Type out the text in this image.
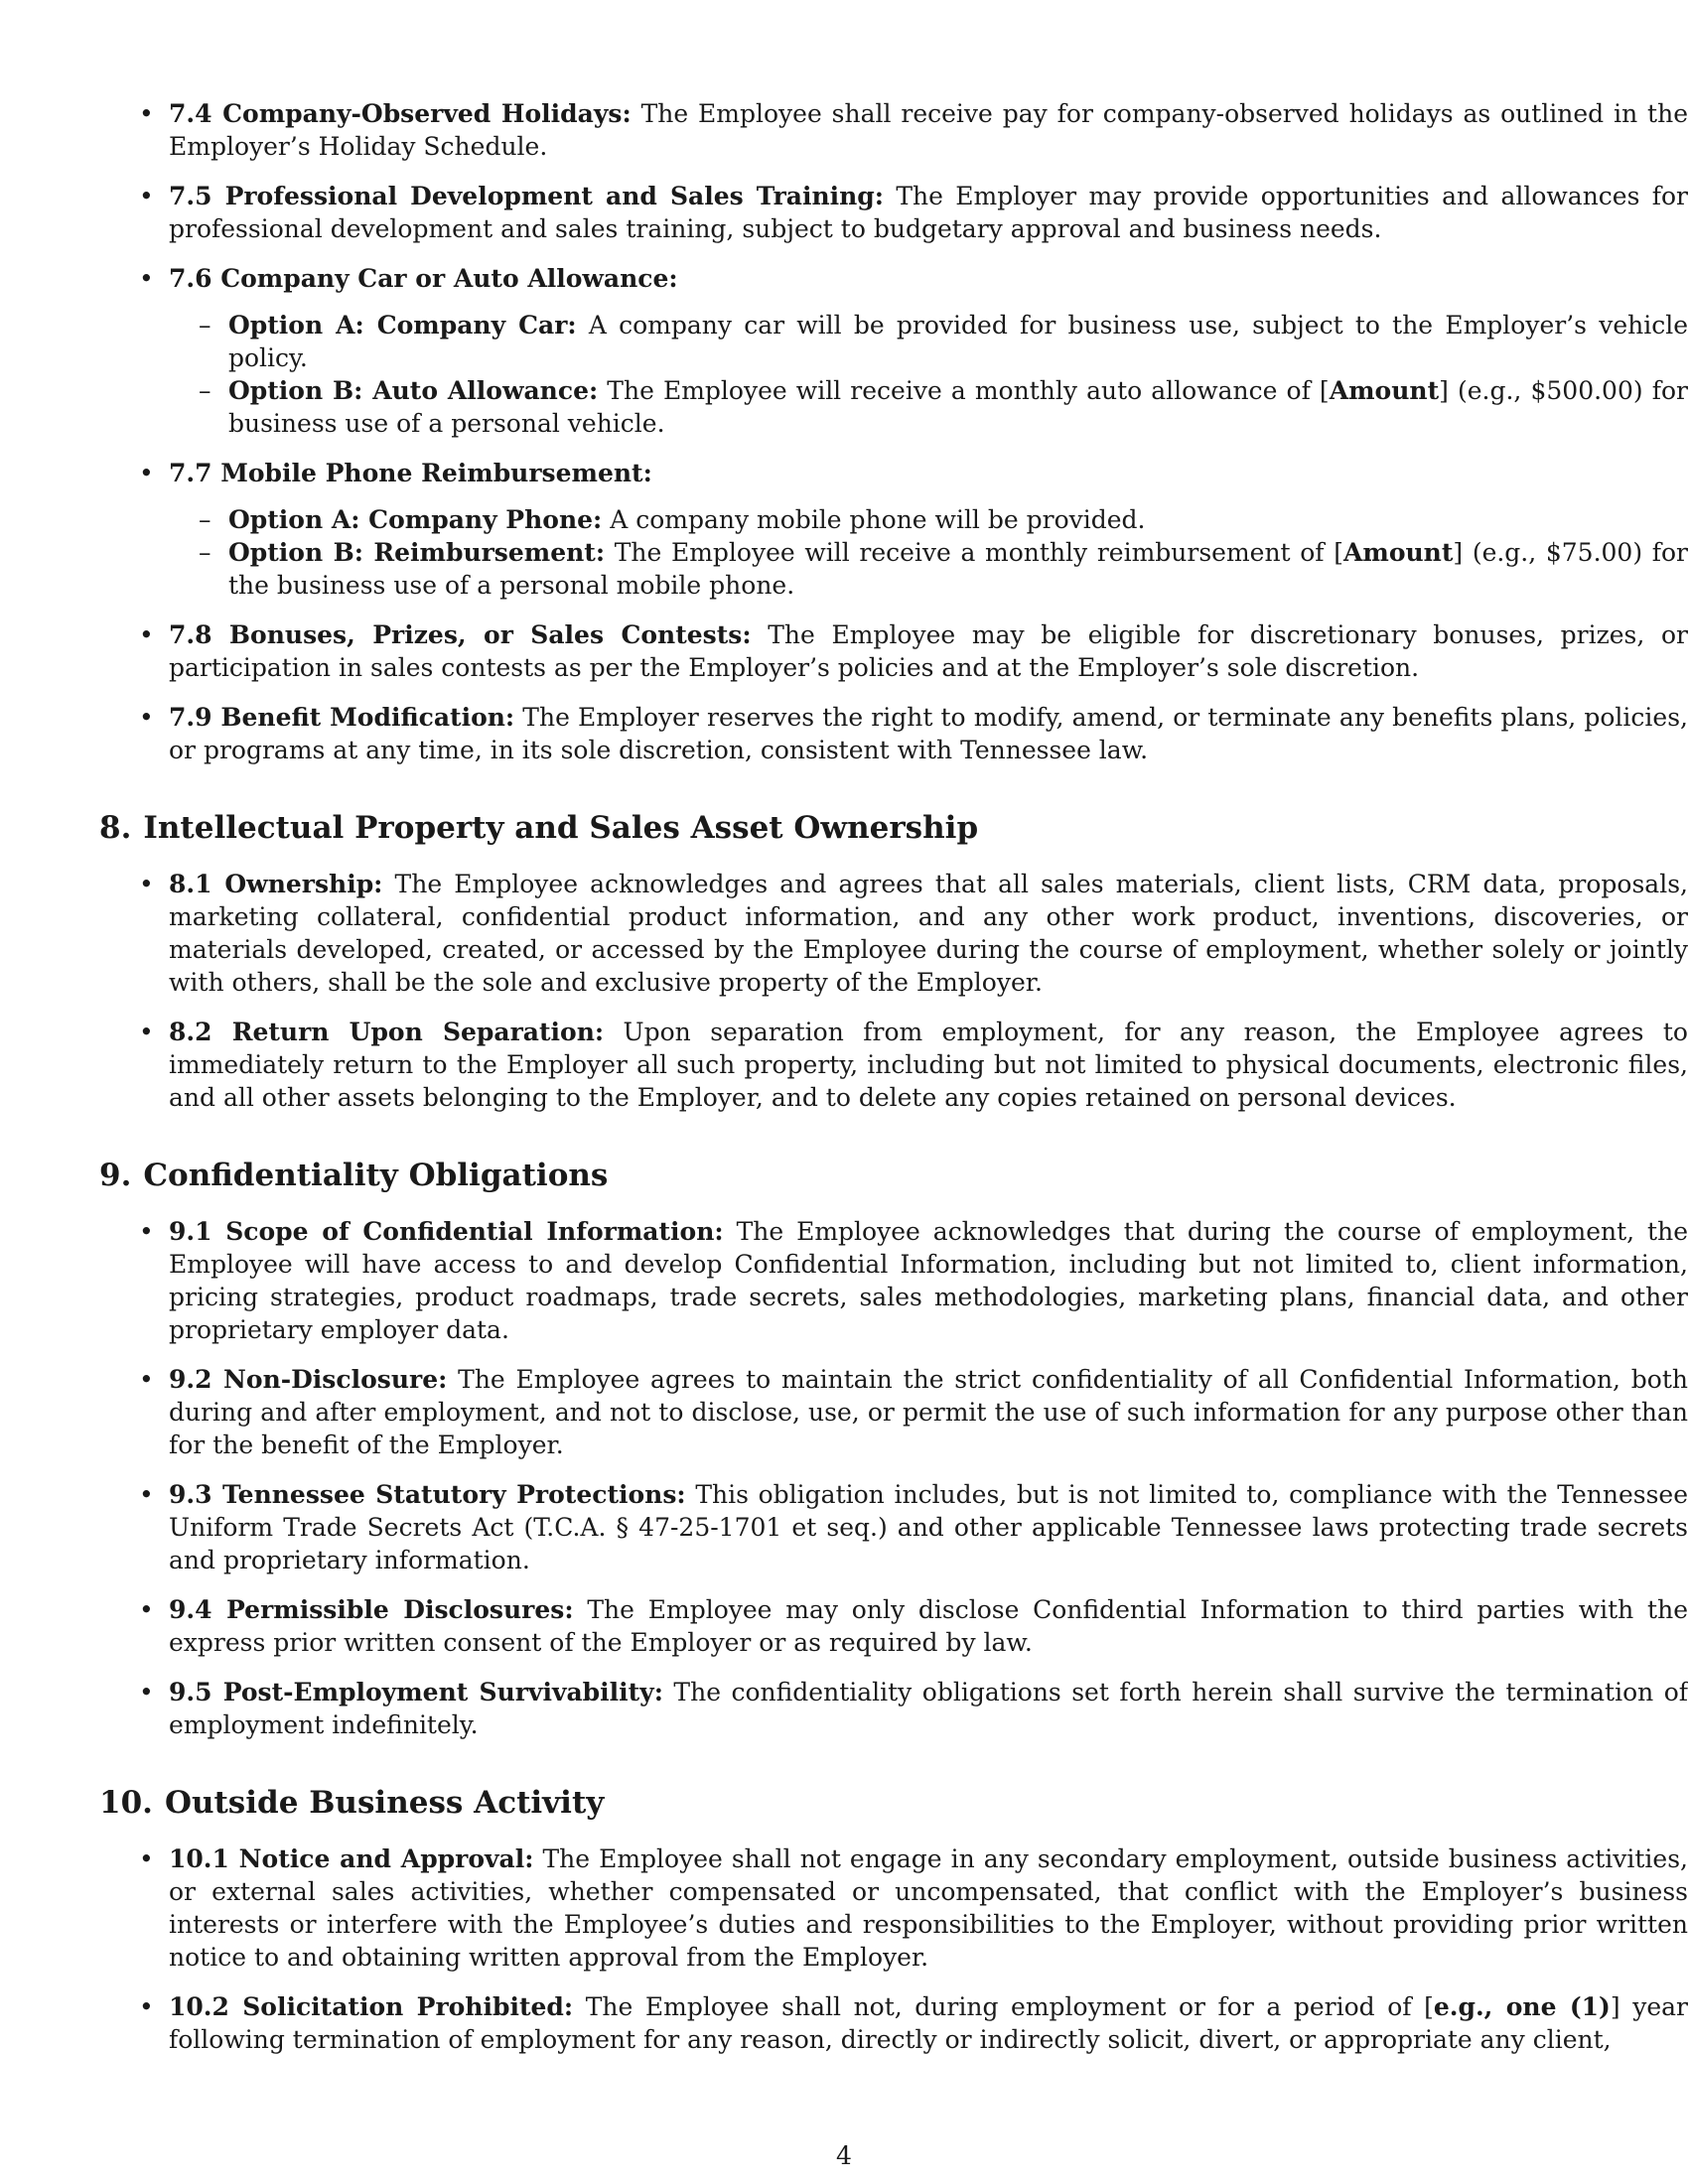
• 7.4 Company-Observed Holidays: The Employee shall receive pay for company-observed holidays as outlined in the Employer’s Holiday Schedule.
• 7.5 Professional Development and Sales Training: The Employer may provide opportunities and allowances for professional development and sales training, subject to budgetary approval and business needs.
• 7.6 Company Car or Auto Allowance:
– Option A: Company Car: A company car will be provided for business use, subject to the Employer’s vehicle policy.
– Option B: Auto Allowance: The Employee will receive a monthly auto allowance of [Amount] (e.g., $500.00) for business use of a personal vehicle.
• 7.7 Mobile Phone Reimbursement:
– Option A: Company Phone: A company mobile phone will be provided.
– Option B: Reimbursement: The Employee will receive a monthly reimbursement of [Amount] (e.g., $75.00) for the business use of a personal mobile phone.
• 7.8 Bonuses, Prizes, or Sales Contests: The Employee may be eligible for discretionary bonuses, prizes, or participation in sales contests as per the Employer’s policies and at the Employer’s sole discretion.
• 7.9 Benefit Modification: The Employer reserves the right to modify, amend, or terminate any benefits plans, policies, or programs at any time, in its sole discretion, consistent with Tennessee law.
8. Intellectual Property and Sales Asset Ownership
• 8.1 Ownership: The Employee acknowledges and agrees that all sales materials, client lists, CRM data, proposals, marketing collateral, confidential product information, and any other work product, inventions, discoveries, or materials developed, created, or accessed by the Employee during the course of employment, whether solely or jointly with others, shall be the sole and exclusive property of the Employer.
• 8.2 Return Upon Separation: Upon separation from employment, for any reason, the Employee agrees to immediately return to the Employer all such property, including but not limited to physical documents, electronic files, and all other assets belonging to the Employer, and to delete any copies retained on personal devices.
9. Confidentiality Obligations
• 9.1 Scope of Confidential Information: The Employee acknowledges that during the course of employment, the Employee will have access to and develop Confidential Information, including but not limited to, client information, pricing strategies, product roadmaps, trade secrets, sales methodologies, marketing plans, financial data, and other proprietary employer data.
• 9.2 Non-Disclosure: The Employee agrees to maintain the strict confidentiality of all Confidential Information, both during and after employment, and not to disclose, use, or permit the use of such information for any purpose other than for the benefit of the Employer.
• 9.3 Tennessee Statutory Protections: This obligation includes, but is not limited to, compliance with the Tennessee Uniform Trade Secrets Act (T.C.A. § 47-25-1701 et seq.) and other applicable Tennessee laws protecting trade secrets and proprietary information.
• 9.4 Permissible Disclosures: The Employee may only disclose Confidential Information to third parties with the express prior written consent of the Employer or as required by law.
• 9.5 Post-Employment Survivability: The confidentiality obligations set forth herein shall survive the termination of employment indefinitely.
10. Outside Business Activity
• 10.1 Notice and Approval: The Employee shall not engage in any secondary employment, outside business activities, or external sales activities, whether compensated or uncompensated, that conflict with the Employer’s business interests or interfere with the Employee’s duties and responsibilities to the Employer, without providing prior written notice to and obtaining written approval from the Employer.
• 10.2 Solicitation Prohibited: The Employee shall not, during employment or for a period of [e.g., one (1)] year following termination of employment for any reason, directly or indirectly solicit, divert, or appropriate any client,
4
